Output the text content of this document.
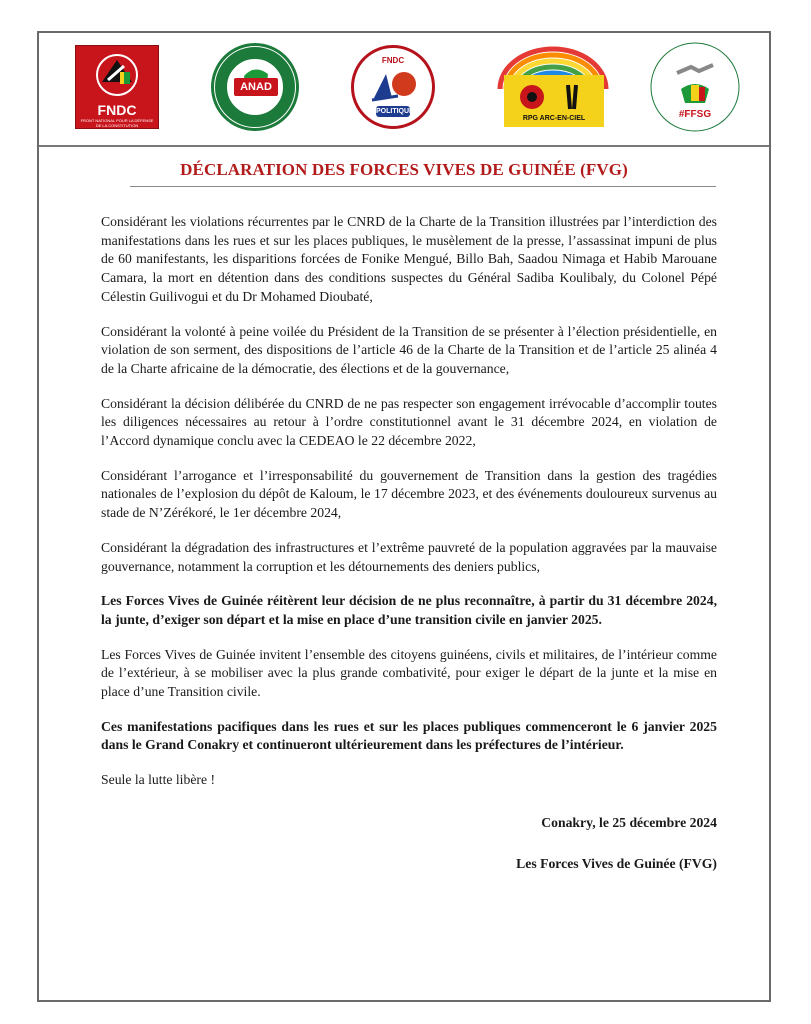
FNDC
FRONT NATIONAL POUR LA DÉFENSE DE LA CONSTITUTION
ANAD
FNDC
POLITIQUE
RPG ARC-EN-CIEL	#FFSG
DÉCLARATION DES FORCES VIVES DE GUINÉE (FVG)

Considérant les violations récurrentes par le CNRD de la Charte de la Transition illustrées par l’interdiction des manifestations dans les rues et sur les places publiques, le musèlement de la presse, l’assassinat impuni de plus de 60 manifestants, les disparitions forcées de Fonike Mengué, Billo Bah, Saadou Nimaga et Habib Marouane Camara, la mort en détention dans des conditions suspectes du Général Sadiba Koulibaly, du Colonel Pépé Célestin Guilivogui et du Dr Mohamed Dioubaté,

Considérant la volonté à peine voilée du Président de la Transition de se présenter à l’élection présidentielle, en violation de son serment, des dispositions de l’article 46 de la Charte de la Transition et de l’article 25 alinéa 4 de la Charte africaine de la démocratie, des élections et de la gouvernance,

Considérant la décision délibérée du CNRD de ne pas respecter son engagement irrévocable d’accomplir toutes les diligences nécessaires au retour à l’ordre constitutionnel avant le 31 décembre 2024, en violation de l’Accord dynamique conclu avec la CEDEAO le 22 décembre 2022,

Considérant l’arrogance et l’irresponsabilité du gouvernement de Transition dans la gestion des tragédies nationales de l’explosion du dépôt de Kaloum, le 17 décembre 2023, et des événements douloureux survenus au stade de N’Zérékoré, le 1er décembre 2024,

Considérant la dégradation des infrastructures et l’extrême pauvreté de la population aggravées par la mauvaise gouvernance, notamment la corruption et les détournements des deniers publics,

Les Forces Vives de Guinée réitèrent leur décision de ne plus reconnaître, à partir du 31 décembre 2024, la junte, d’exiger son départ et la mise en place d’une transition civile en janvier 2025.

Les Forces Vives de Guinée invitent l’ensemble des citoyens guinéens, civils et militaires, de l’intérieur comme de l’extérieur, à se mobiliser avec la plus grande combativité, pour exiger le départ de la junte et la mise en place d’une Transition civile.

Ces manifestations pacifiques dans les rues et sur les places publiques commenceront le 6 janvier 2025 dans le Grand Conakry et continueront ultérieurement dans les préfectures de l’intérieur.

Seule la lutte libère !

Conakry, le 25 décembre 2024

Les Forces Vives de Guinée (FVG)
